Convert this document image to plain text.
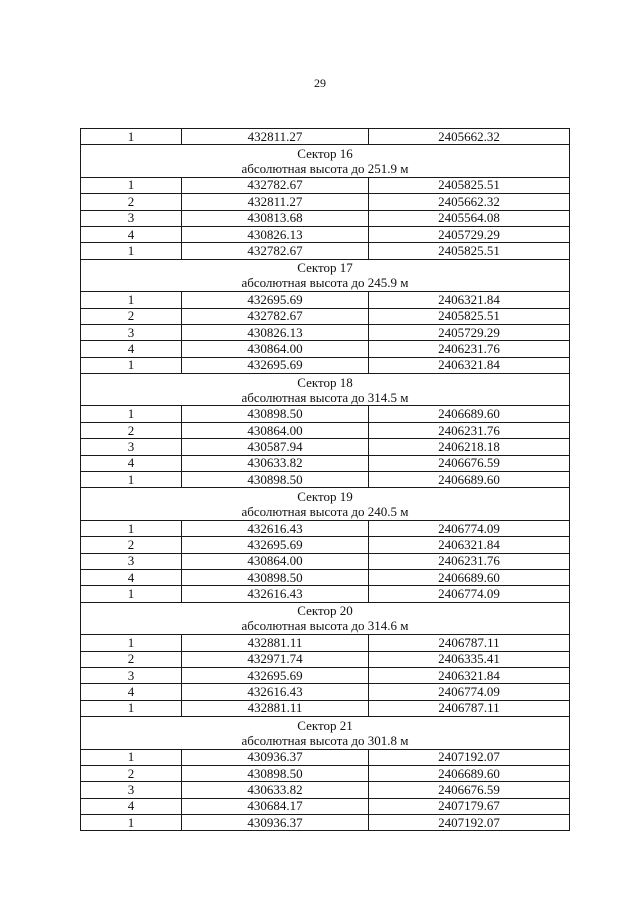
29
1	432811.27	2405662.32

Сектор 16
абсолютная высота до 251.9 м		

1	432782.67	2405825.51
2	432811.27	2405662.32
3	430813.68	2405564.08
4	430826.13	2405729.29
1	432782.67	2405825.51

Сектор 17
абсолютная высота до 245.9 м		

1	432695.69	2406321.84
2	432782.67	2405825.51
3	430826.13	2405729.29
4	430864.00	2406231.76
1	432695.69	2406321.84

Сектор 18
абсолютная высота до 314.5 м		

1	430898.50	2406689.60
2	430864.00	2406231.76
3	430587.94	2406218.18
4	430633.82	2406676.59
1	430898.50	2406689.60

Сектор 19
абсолютная высота до 240.5 м		

1	432616.43	2406774.09
2	432695.69	2406321.84
3	430864.00	2406231.76
4	430898.50	2406689.60
1	432616.43	2406774.09

Сектор 20
абсолютная высота до 314.6 м		

1	432881.11	2406787.11
2	432971.74	2406335.41
3	432695.69	2406321.84
4	432616.43	2406774.09
1	432881.11	2406787.11

Сектор 21
абсолютная высота до 301.8 м		

1	430936.37	2407192.07
2	430898.50	2406689.60
3	430633.82	2406676.59
4	430684.17	2407179.67
1	430936.37	2407192.07
